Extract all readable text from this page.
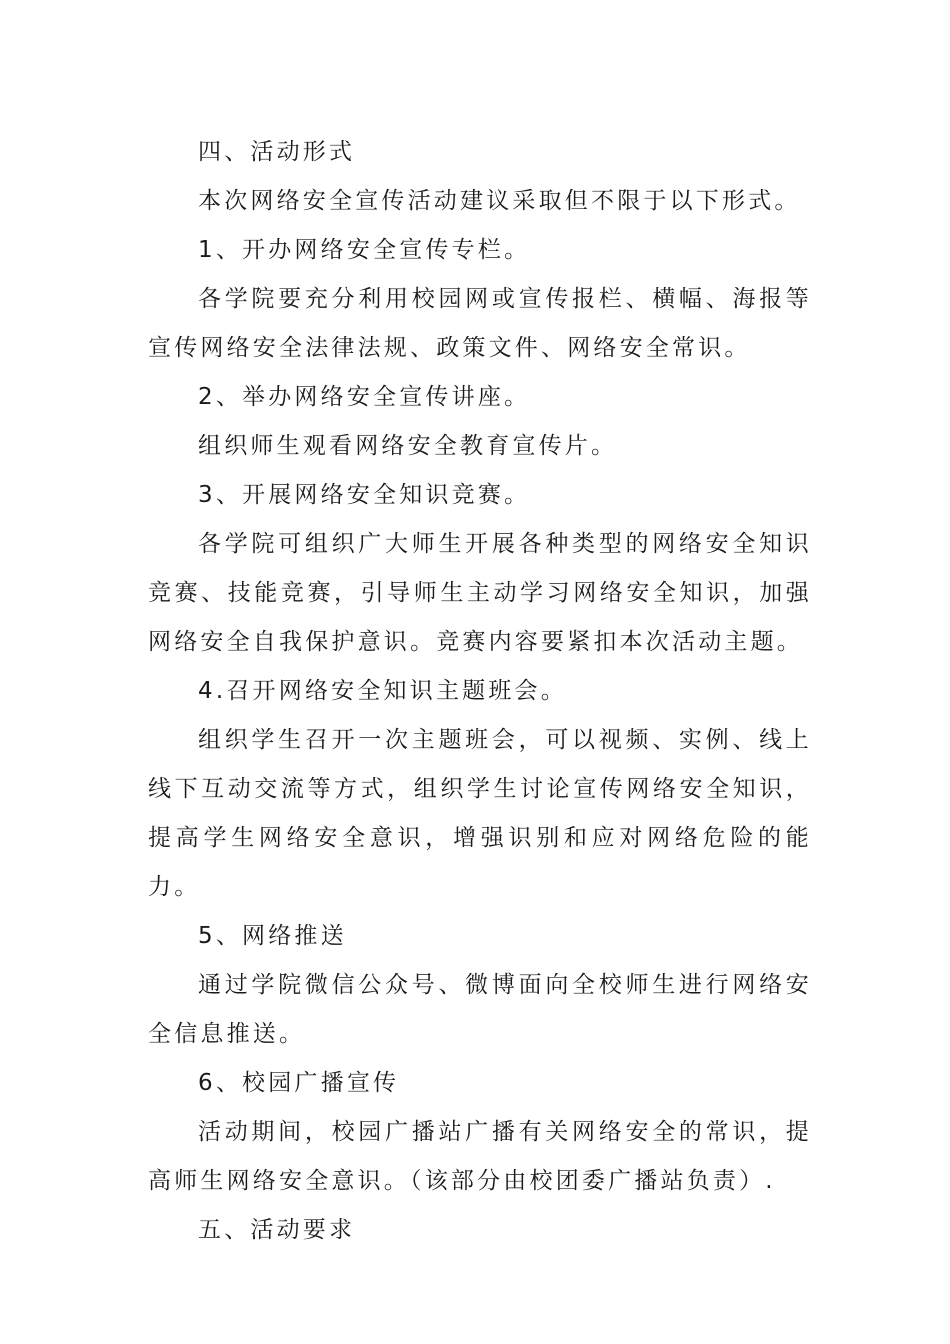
四、活动形式

本次网络安全宣传活动建议采取但不限于以下形式。

1、开办网络安全宣传专栏。

各学院要充分利用校园网或宣传报栏、横幅、海报等宣传网络安全法律法规、政策文件、网络安全常识。

2、举办网络安全宣传讲座。

组织师生观看网络安全教育宣传片。

3、开展网络安全知识竞赛。

各学院可组织广大师生开展各种类型的网络安全知识竞赛、技能竞赛，引导师生主动学习网络安全知识，加强网络安全自我保护意识。竞赛内容要紧扣本次活动主题。

4.召开网络安全知识主题班会。

组织学生召开一次主题班会，可以视频、实例、线上线下互动交流等方式，组织学生讨论宣传网络安全知识，提高学生网络安全意识，增强识别和应对网络危险的能力。

5、网络推送

通过学院微信公众号、微博面向全校师生进行网络安全信息推送。

6、校园广播宣传

活动期间，校园广播站广播有关网络安全的常识，提高师生网络安全意识。（该部分由校团委广播站负责）.

五、活动要求
